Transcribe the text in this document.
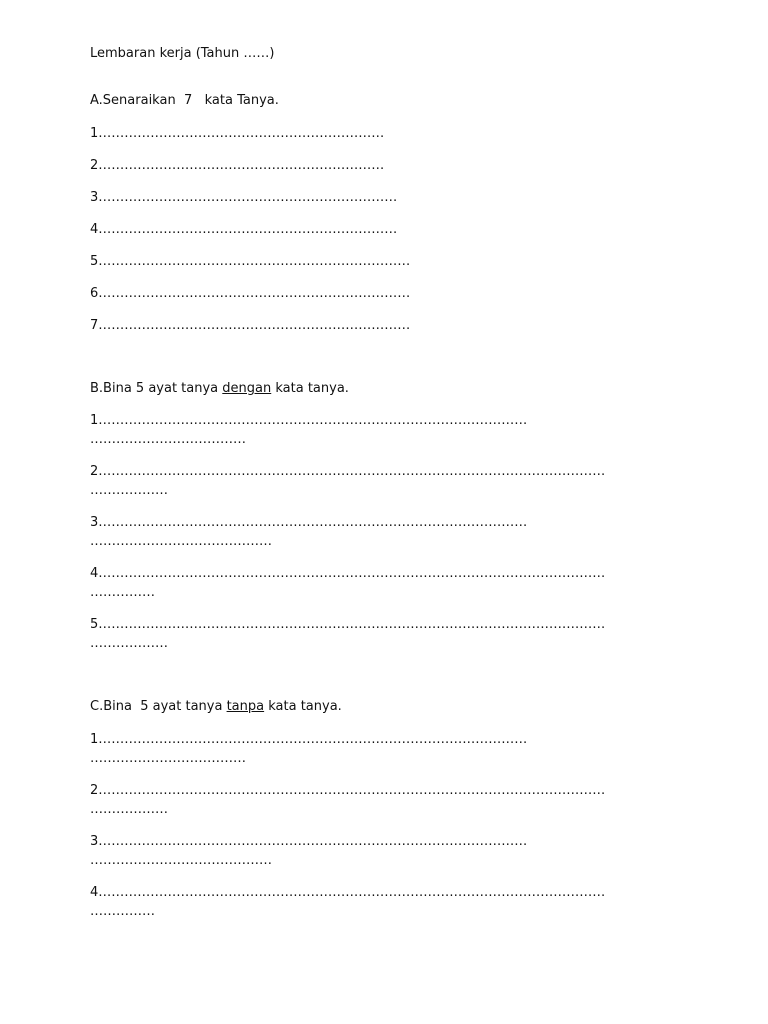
Lembaran kerja (Tahun ……)

A.Senaraikan  7   kata Tanya.

1…………………………………………………………

2…………………………………………………………

3……………………………………………………………

4……………………………………………………………

5………………………………………………………………

6………………………………………………………………

7………………………………………………………………

B.Bina 5 ayat tanya dengan kata tanya.

1………………………………………………………………………………………
………………………………
2………………………………………………………………………………………………………
………………
3………………………………………………………………………………………
……………………………………
4………………………………………………………………………………………………………
……………
5………………………………………………………………………………………………………
………………

C.Bina  5 ayat tanya tanpa kata tanya.

1………………………………………………………………………………………
………………………………
2………………………………………………………………………………………………………
………………
3………………………………………………………………………………………
……………………………………
4………………………………………………………………………………………………………
……………
